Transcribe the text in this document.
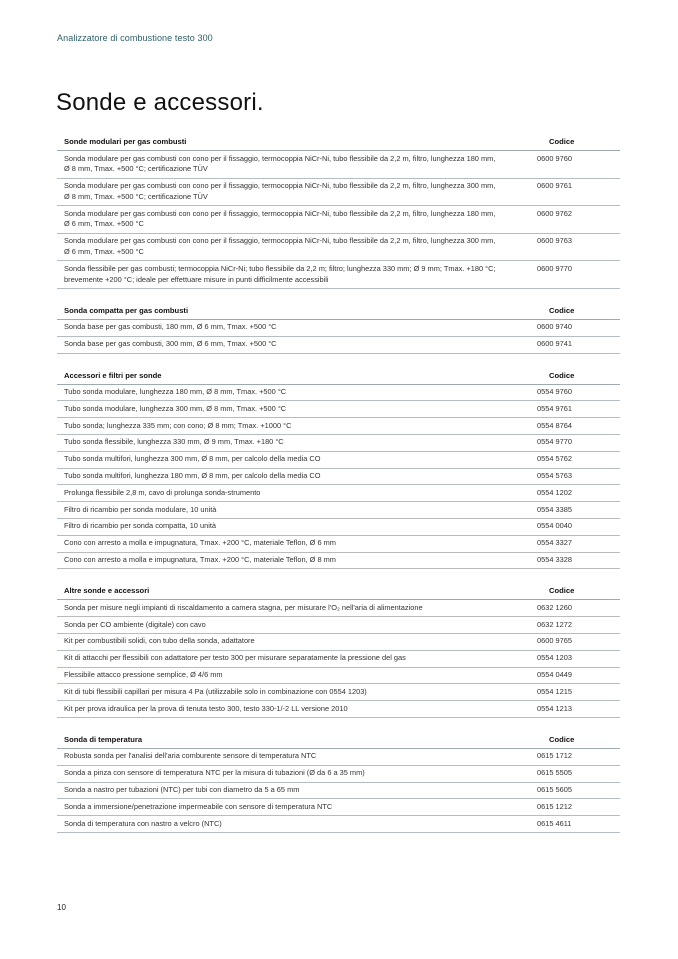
Analizzatore di combustione testo 300
Sonde e accessori.
Sonde modulari per gas combusti	Codice
Sonda modulare per gas combusti con cono per il fissaggio, termocoppia NiCr-Ni, tubo flessibile da 2,2 m, filtro, lunghezza 180 mm, Ø 8 mm, Tmax. +500 °C; certificazione TÜV	0600 9760
Sonda modulare per gas combusti con cono per il fissaggio, termocoppia NiCr-Ni, tubo flessibile da 2,2 m, filtro, lunghezza 300 mm, Ø 8 mm, Tmax. +500 °C; certificazione TÜV	0600 9761
Sonda modulare per gas combusti con cono per il fissaggio, termocoppia NiCr-Ni, tubo flessibile da 2,2 m, filtro, lunghezza 180 mm, Ø 6 mm, Tmax. +500 °C	0600 9762
Sonda modulare per gas combusti con cono per il fissaggio, termocoppia NiCr-Ni, tubo flessibile da 2,2 m, filtro, lunghezza 300 mm, Ø 6 mm, Tmax. +500 °C	0600 9763
Sonda flessibile per gas combusti; termocoppia NiCr-Ni; tubo flessibile da 2,2 m; filtro; lunghezza 330 mm; Ø 9 mm; Tmax. +180 °C; brevemente +200 °C; ideale per effettuare misure in punti difficilmente accessibili	0600 9770
Sonda compatta per gas combusti	Codice
Sonda base per gas combusti, 180 mm, Ø 6 mm, Tmax. +500 °C	0600 9740
Sonda base per gas combusti, 300 mm, Ø 6 mm, Tmax. +500 °C	0600 9741
Accessori e filtri per sonde	Codice
Tubo sonda modulare, lunghezza 180 mm, Ø 8 mm, Tmax. +500 °C	0554 9760
Tubo sonda modulare, lunghezza 300 mm, Ø 8 mm, Tmax. +500 °C	0554 9761
Tubo sonda; lunghezza 335 mm; con cono; Ø 8 mm; Tmax. +1000 °C	0554 8764
Tubo sonda flessibile, lunghezza 330 mm, Ø 9 mm, Tmax. +180 °C	0554 9770
Tubo sonda multifori, lunghezza 300 mm, Ø 8 mm, per calcolo della media CO	0554 5762
Tubo sonda multifori, lunghezza 180 mm, Ø 8 mm, per calcolo della media CO	0554 5763
Prolunga flessibile 2,8 m, cavo di prolunga sonda-strumento	0554 1202
Filtro di ricambio per sonda modulare, 10 unità	0554 3385
Filtro di ricambio per sonda compatta, 10 unità	0554 0040
Cono con arresto a molla e impugnatura, Tmax. +200 °C, materiale Teflon, Ø 6 mm	0554 3327
Cono con arresto a molla e impugnatura, Tmax. +200 °C, materiale Teflon, Ø 8 mm	0554 3328
Altre sonde e accessori	Codice
Sonda per misure negli impianti di riscaldamento a camera stagna, per misurare l'O₂ nell'aria di alimentazione	0632 1260
Sonda per CO ambiente (digitale) con cavo	0632 1272
Kit per combustibili solidi, con tubo della sonda, adattatore	0600 9765
Kit di attacchi per flessibili con adattatore per testo 300 per misurare separatamente la pressione del gas	0554 1203
Flessibile attacco pressione semplice, Ø 4/6 mm	0554 0449
Kit di tubi flessibili capillari per misura 4 Pa (utilizzabile solo in combinazione con 0554 1203)	0554 1215
Kit per prova idraulica per la prova di tenuta testo 300, testo 330-1/-2 LL versione 2010	0554 1213
Sonda di temperatura	Codice
Robusta sonda per l'analisi dell'aria comburente sensore di temperatura NTC	0615 1712
Sonda a pinza con sensore di temperatura NTC per la misura di tubazioni (Ø da 6 a 35 mm)	0615 5505
Sonda a nastro per tubazioni (NTC) per tubi con diametro da 5 a 65 mm	0615 5605
Sonda a immersione/penetrazione impermeabile con sensore di temperatura NTC	0615 1212
Sonda di temperatura con nastro a velcro (NTC)	0615 4611
10
